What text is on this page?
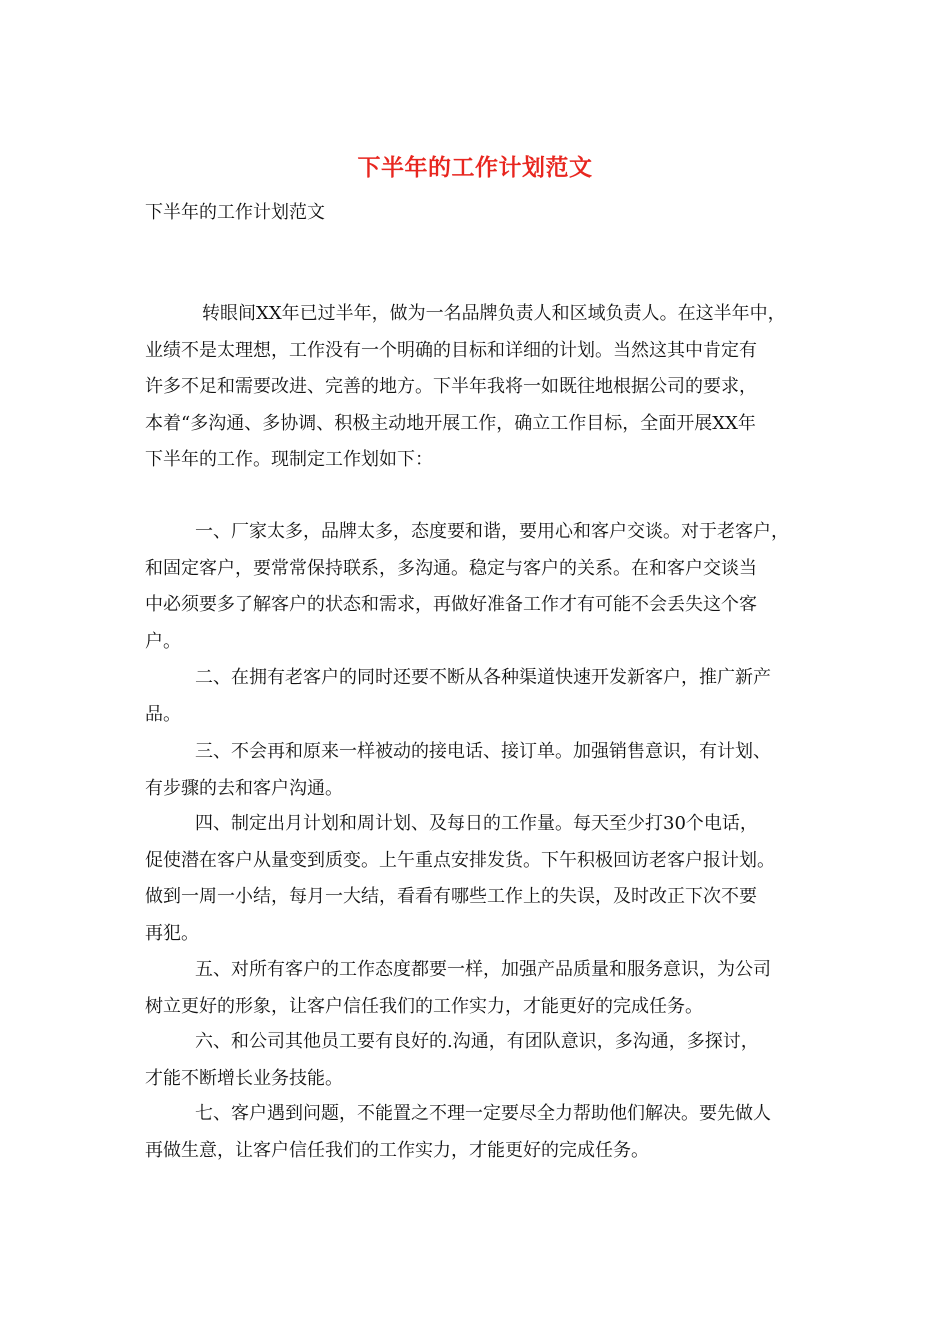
下半年的工作计划范文
下半年的工作计划范文
转眼间XX年已过半年，做为一名品牌负责人和区域负责人。在这半年中，
业绩不是太理想，工作没有一个明确的目标和详细的计划。当然这其中肯定有
许多不足和需要改进、完善的地方。下半年我将一如既往地根据公司的要求，
本着“多沟通、多协调、积极主动地开展工作，确立工作目标，全面开展XX年
下半年的工作。现制定工作划如下：
一、厂家太多，品牌太多，态度要和谐，要用心和客户交谈。对于老客户，
和固定客户，要常常保持联系，多沟通。稳定与客户的关系。在和客户交谈当
中必须要多了解客户的状态和需求，再做好准备工作才有可能不会丢失这个客
户。
二、在拥有老客户的同时还要不断从各种渠道快速开发新客户，推广新产
品。
三、不会再和原来一样被动的接电话、接订单。加强销售意识，有计划、
有步骤的去和客户沟通。
四、制定出月计划和周计划、及每日的工作量。每天至少打30个电话，
促使潜在客户从量变到质变。上午重点安排发货。下午积极回访老客户报计划。
做到一周一小结，每月一大结，看看有哪些工作上的失误，及时改正下次不要
再犯。
五、对所有客户的工作态度都要一样，加强产品质量和服务意识，为公司
树立更好的形象，让客户信任我们的工作实力，才能更好的完成任务。
六、和公司其他员工要有良好的.沟通，有团队意识，多沟通，多探讨，
才能不断增长业务技能。
七、客户遇到问题，不能置之不理一定要尽全力帮助他们解决。要先做人
再做生意，让客户信任我们的工作实力，才能更好的完成任务。
